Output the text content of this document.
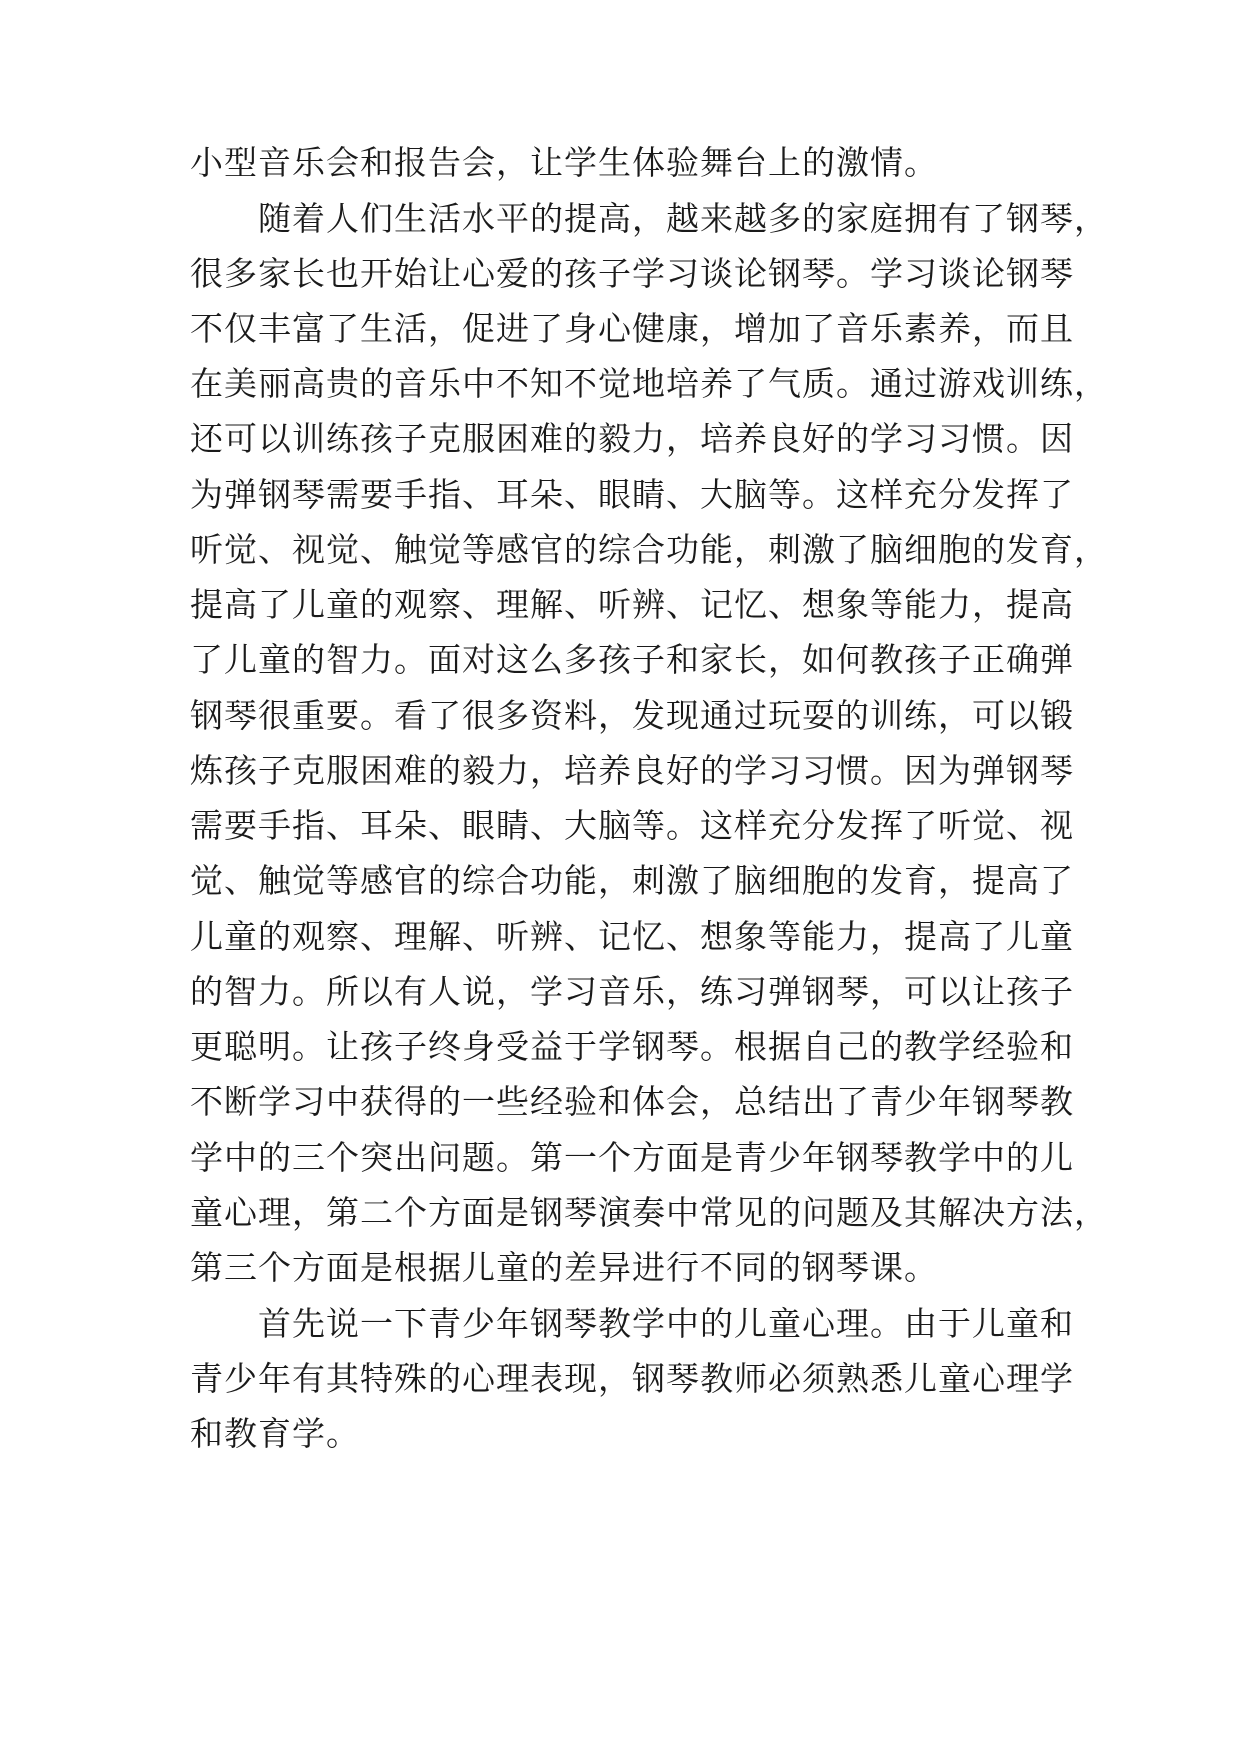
小型音乐会和报告会，让学生体验舞台上的激情。
　　随着人们生活水平的提高，越来越多的家庭拥有了钢琴，
很多家长也开始让心爱的孩子学习谈论钢琴。学习谈论钢琴
不仅丰富了生活，促进了身心健康，增加了音乐素养，而且
在美丽高贵的音乐中不知不觉地培养了气质。通过游戏训练，
还可以训练孩子克服困难的毅力，培养良好的学习习惯。因
为弹钢琴需要手指、耳朵、眼睛、大脑等。这样充分发挥了
听觉、视觉、触觉等感官的综合功能，刺激了脑细胞的发育，
提高了儿童的观察、理解、听辨、记忆、想象等能力，提高
了儿童的智力。面对这么多孩子和家长，如何教孩子正确弹
钢琴很重要。看了很多资料，发现通过玩耍的训练，可以锻
炼孩子克服困难的毅力，培养良好的学习习惯。因为弹钢琴
需要手指、耳朵、眼睛、大脑等。这样充分发挥了听觉、视
觉、触觉等感官的综合功能，刺激了脑细胞的发育，提高了
儿童的观察、理解、听辨、记忆、想象等能力，提高了儿童
的智力。所以有人说，学习音乐，练习弹钢琴，可以让孩子
更聪明。让孩子终身受益于学钢琴。根据自己的教学经验和
不断学习中获得的一些经验和体会，总结出了青少年钢琴教
学中的三个突出问题。第一个方面是青少年钢琴教学中的儿
童心理，第二个方面是钢琴演奏中常见的问题及其解决方法，
第三个方面是根据儿童的差异进行不同的钢琴课。
　　首先说一下青少年钢琴教学中的儿童心理。由于儿童和
青少年有其特殊的心理表现，钢琴教师必须熟悉儿童心理学
和教育学。
